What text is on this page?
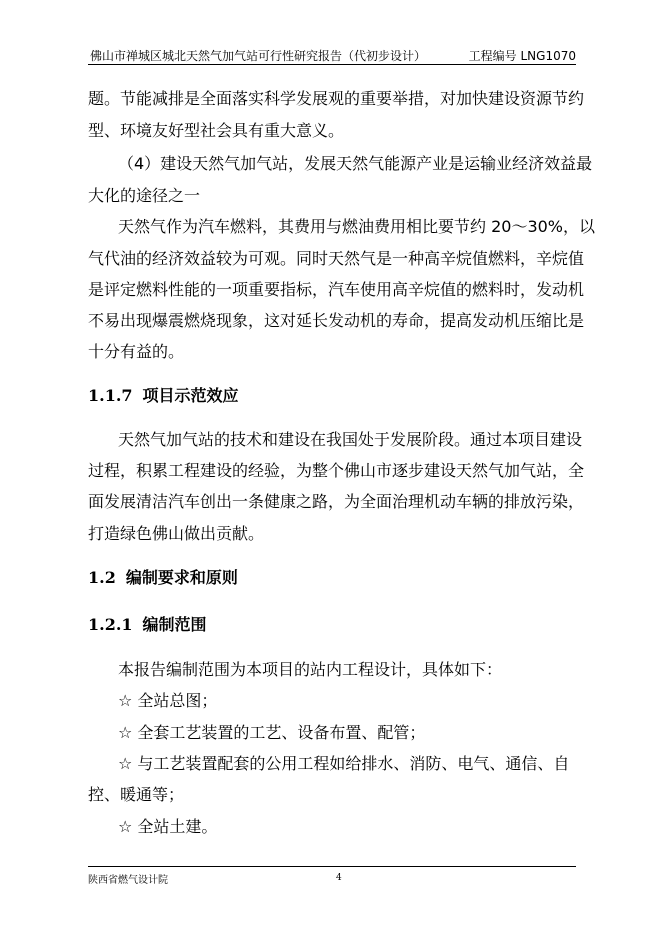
佛山市禅城区城北天然气加气站可行性研究报告（代初步设计）	工程编号 LNG1070
题。节能减排是全面落实科学发展观的重要举措，对加快建设资源节约
型、环境友好型社会具有重大意义。
（4）建设天然气加气站，发展天然气能源产业是运输业经济效益最
大化的途径之一
天然气作为汽车燃料，其费用与燃油费用相比要节约 20～30%，以
气代油的经济效益较为可观。同时天然气是一种高辛烷值燃料，辛烷值
是评定燃料性能的一项重要指标，汽车使用高辛烷值的燃料时，发动机
不易出现爆震燃烧现象，这对延长发动机的寿命，提高发动机压缩比是
十分有益的。
1.1.7 项目示范效应
天然气加气站的技术和建设在我国处于发展阶段。通过本项目建设
过程，积累工程建设的经验，为整个佛山市逐步建设天然气加气站，全
面发展清洁汽车创出一条健康之路，为全面治理机动车辆的排放污染，
打造绿色佛山做出贡献。
1.2 编制要求和原则
1.2.1 编制范围
本报告编制范围为本项目的站内工程设计，具体如下：
☆ 全站总图；
☆ 全套工艺装置的工艺、设备布置、配管；
☆ 与工艺装置配套的公用工程如给排水、消防、电气、通信、自
控、暖通等；
☆ 全站土建。
陕西省燃气设计院	4
